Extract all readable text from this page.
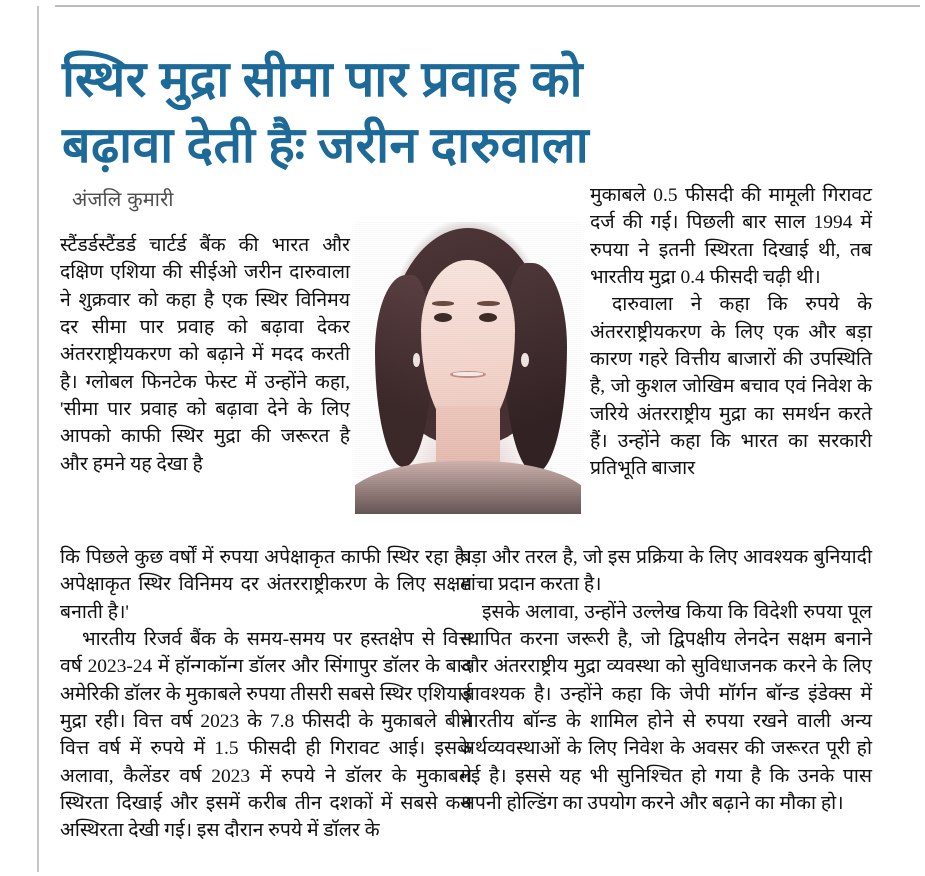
स्थिर मुद्रा सीमा पार प्रवाह को
बढ़ावा देती हैः जरीन दारुवाला
अंजलि कुमारी

स्टैंडर्डस्टैंडर्ड चार्टर्ड बैंक की भारत और दक्षिण एशिया की सीईओ जरीन दारुवाला ने शुक्रवार को कहा है एक स्थिर विनिमय दर सीमा पार प्रवाह को बढ़ावा देकर अंतरराष्ट्रीयकरण को बढ़ाने में मदद करती है। ग्लोबल फिनटेक फेस्ट में उन्होंने कहा, 'सीमा पार प्रवाह को बढ़ावा देने के लिए आपको काफी स्थिर मुद्रा की जरूरत है और हमने यह देखा है

मुकाबले 0.5 फीसदी की मामूली गिरावट दर्ज की गई। पिछली बार साल 1994 में रुपया ने इतनी स्थिरता दिखाई थी, तब भारतीय मुद्रा 0.4 फीसदी चढ़ी थी।

दारुवाला ने कहा कि रुपये के अंतरराष्ट्रीयकरण के लिए एक और बड़ा कारण गहरे वित्तीय बाजारों की उपस्थिति है, जो कुशल जोखिम बचाव एवं निवेश के जरिये अंतरराष्ट्रीय मुद्रा का समर्थन करते हैं। उन्होंने कहा कि भारत का सरकारी प्रतिभूति बाजार

कि पिछले कुछ वर्षों में रुपया अपेक्षाकृत काफी स्थिर रहा है। अपेक्षाकृत स्थिर विनिमय दर अंतरराष्ट्रीकरण के लिए सक्षम बनाती है।'

भारतीय रिजर्व बैंक के समय-समय पर हस्तक्षेप से वित्त वर्ष 2023-24 में हॉन्गकॉन्ग डॉलर और सिंगापुर डॉलर के बाद अमेरिकी डॉलर के मुकाबले रुपया तीसरी सबसे स्थिर एशियाई मुद्रा रही। वित्त वर्ष 2023 के 7.8 फीसदी के मुकाबले बीते वित्त वर्ष में रुपये में 1.5 फीसदी ही गिरावट आई। इसके अलावा, कैलेंडर वर्ष 2023 में रुपये ने डॉलर के मुकाबले स्थिरता दिखाई और इसमें करीब तीन दशकों में सबसे कम अस्थिरता देखी गई। इस दौरान रुपये में डॉलर के

बड़ा और तरल है, जो इस प्रक्रिया के लिए आवश्यक बुनियादी ढांचा प्रदान करता है।

इसके अलावा, उन्होंने उल्लेख किया कि विदेशी रुपया पूल स्थापित करना जरूरी है, जो द्विपक्षीय लेनदेन सक्षम बनाने और अंतरराष्ट्रीय मुद्रा व्यवस्था को सुविधाजनक करने के लिए आवश्यक है। उन्होंने कहा कि जेपी मॉर्गन बॉन्ड इंडेक्स में भारतीय बॉन्ड के शामिल होने से रुपया रखने वाली अन्य अर्थव्यवस्थाओं के लिए निवेश के अवसर की जरूरत पूरी हो गई है। इससे यह भी सुनिश्चित हो गया है कि उनके पास अपनी होल्डिंग का उपयोग करने और बढ़ाने का मौका हो।
